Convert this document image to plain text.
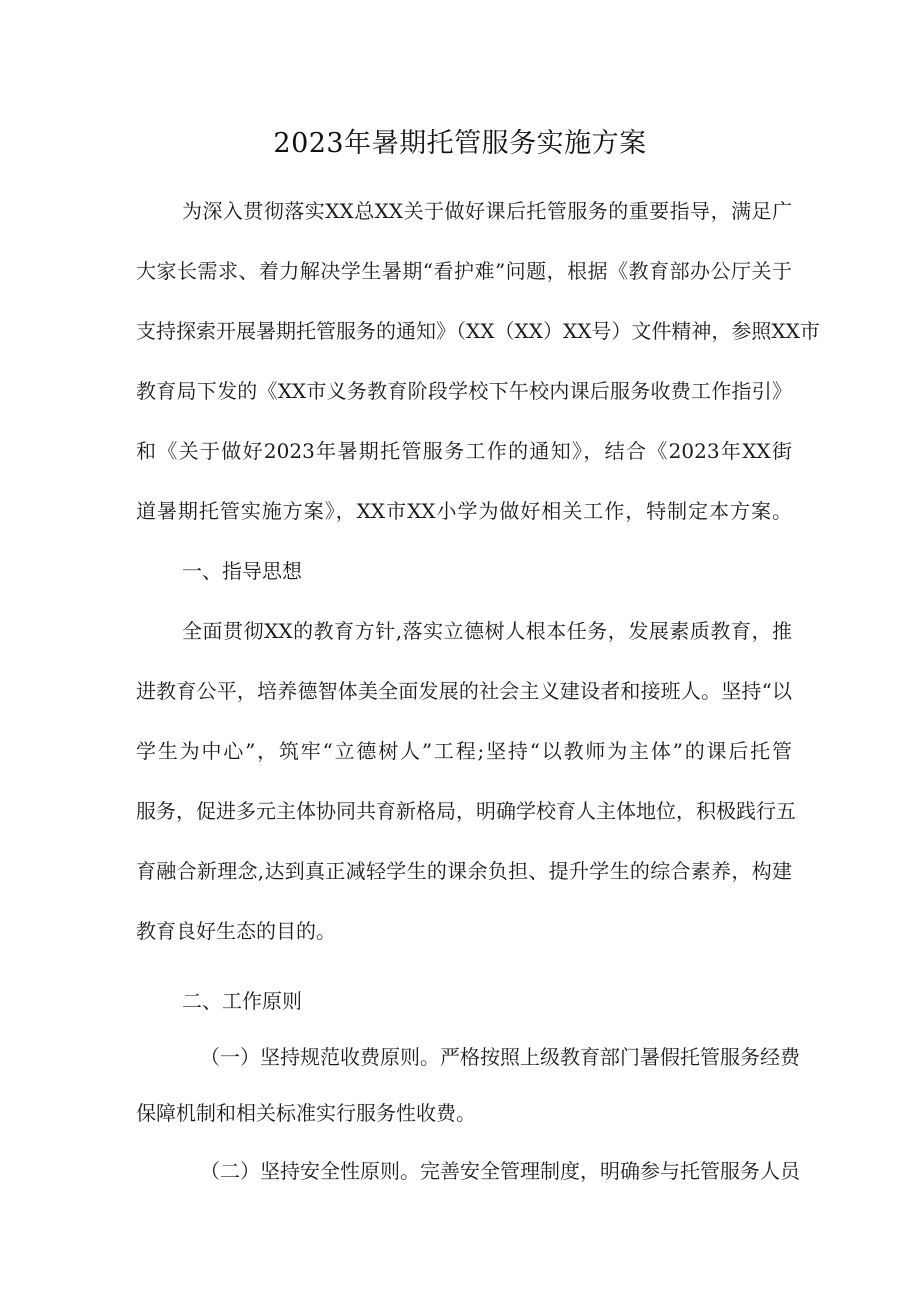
2023年暑期托管服务实施方案
为深入贯彻落实XX总XX关于做好课后托管服务的重要指导，满足广
大家长需求、着力解决学生暑期“看护难”问题，根据《教育部办公厅关于
支持探索开展暑期托管服务的通知》（XX（XX）XX号）文件精神，参照XX市
教育局下发的《XX市义务教育阶段学校下午校内课后服务收费工作指引》
和《关于做好2023年暑期托管服务工作的通知》，结合《2023年XX街
道暑期托管实施方案》，XX市XX小学为做好相关工作，特制定本方案。
一、指导思想
全面贯彻XX的教育方针,落实立德树人根本任务，发展素质教育，推
进教育公平，培养德智体美全面发展的社会主义建设者和接班人。坚持“以
学生为中心”，筑牢“立德树人”工程;坚持“以教师为主体”的课后托管
服务，促进多元主体协同共育新格局，明确学校育人主体地位，积极践行五
育融合新理念,达到真正减轻学生的课余负担、提升学生的综合素养，构建
教育良好生态的目的。
二、工作原则
（一）坚持规范收费原则。严格按照上级教育部门暑假托管服务经费
保障机制和相关标准实行服务性收费。
（二）坚持安全性原则。完善安全管理制度，明确参与托管服务人员
